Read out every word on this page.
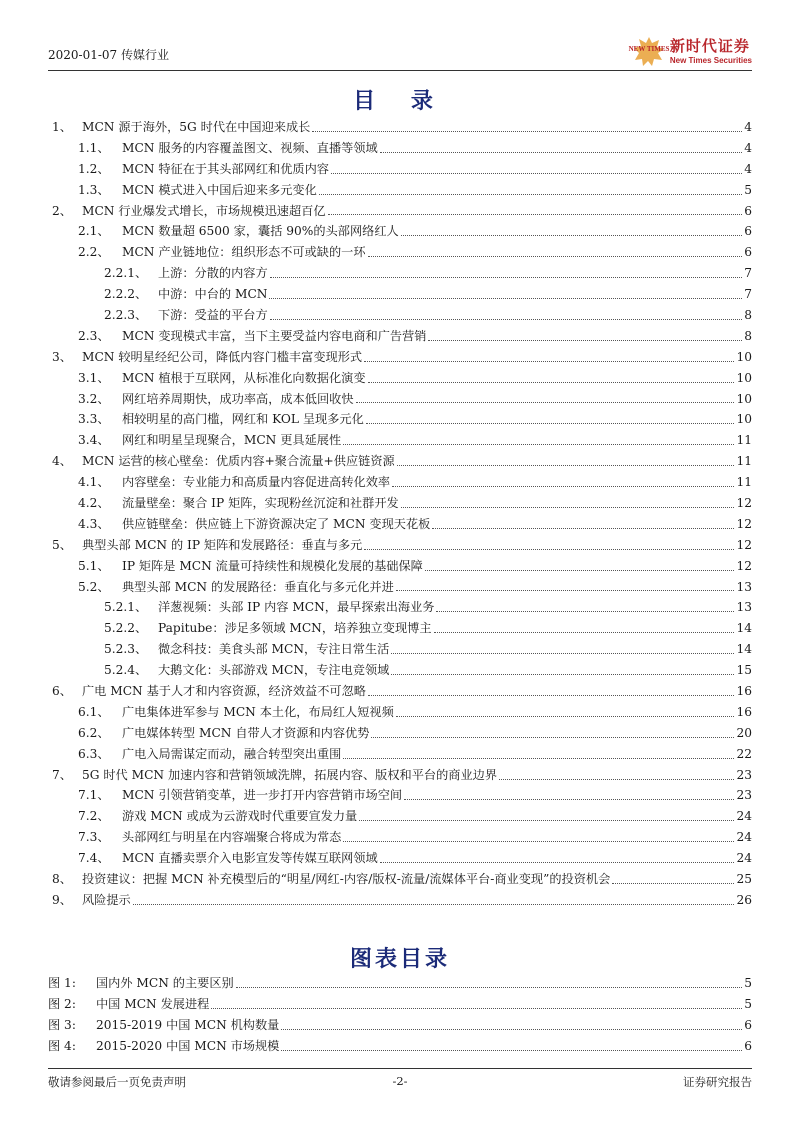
2020-01-07 传媒行业	NEW TIMES 新时代证券
New Times Securities
目 录
1、 MCN 源于海外，5G 时代在中国迎来成长	4
1.1、	MCN 服务的内容覆盖图文、视频、直播等领域	4
1.2、	MCN 特征在于其头部网红和优质内容	4
1.3、	MCN 模式进入中国后迎来多元变化	5
2、 MCN 行业爆发式增长，市场规模迅速超百亿	6
2.1、	MCN 数量超 6500 家，囊括 90%的头部网络红人	6
2.2、	MCN 产业链地位：组织形态不可或缺的一环	6
2.2.1、 上游：分散的内容方	7
2.2.2、 中游：中台的 MCN	7
2.2.3、 下游：受益的平台方	8
2.3、	MCN 变现模式丰富，当下主要受益内容电商和广告营销	8
3、 MCN 较明星经纪公司，降低内容门槛丰富变现形式	10
3.1、	MCN 植根于互联网，从标准化向数据化演变	10
3.2、	网红培养周期快，成功率高，成本低回收快	10
3.3、	相较明星的高门槛，网红和 KOL 呈现多元化	10
3.4、	网红和明星呈现聚合，MCN 更具延展性	11
4、 MCN 运营的核心壁垒：优质内容+聚合流量+供应链资源	11
4.1、	内容壁垒：专业能力和高质量内容促进高转化效率	11
4.2、	流量壁垒：聚合 IP 矩阵，实现粉丝沉淀和社群开发	12
4.3、	供应链壁垒：供应链上下游资源决定了 MCN 变现天花板	12
5、 典型头部 MCN 的 IP 矩阵和发展路径：垂直与多元	12
5.1、	IP 矩阵是 MCN 流量可持续性和规模化发展的基础保障	12
5.2、	典型头部 MCN 的发展路径：垂直化与多元化并进	13
5.2.1、 洋葱视频：头部 IP 内容 MCN，最早探索出海业务	13
5.2.2、 Papitube：涉足多领域 MCN，培养独立变现博主	14
5.2.3、 微念科技：美食头部 MCN，专注日常生活	14
5.2.4、 大鹅文化：头部游戏 MCN，专注电竞领域	15
6、 广电 MCN 基于人才和内容资源，经济效益不可忽略	16
6.1、	广电集体进军参与 MCN 本土化，布局红人短视频	16
6.2、	广电媒体转型 MCN 自带人才资源和内容优势	20
6.3、	广电入局需谋定而动，融合转型突出重围	22
7、 5G 时代 MCN 加速内容和营销领域洗牌，拓展内容、版权和平台的商业边界	23
7.1、	MCN 引领营销变革，进一步打开内容营销市场空间	23
7.2、	游戏 MCN 或成为云游戏时代重要宣发力量	24
7.3、	头部网红与明星在内容端聚合将成为常态	24
7.4、	MCN 直播卖票介入电影宣发等传媒互联网领域	24
8、 投资建议：把握 MCN 补充模型后的“明星/网红-内容/版权-流量/流媒体平台-商业变现”的投资机会	25
9、 风险提示	26
图表目录
图 1:	国内外 MCN 的主要区别	5
图 2:	中国 MCN 发展进程	5
图 3:	2015-2019 中国 MCN 机构数量	6
图 4:	2015-2020 中国 MCN 市场规模	6
敬请参阅最后一页免责声明	-2-	证券研究报告
